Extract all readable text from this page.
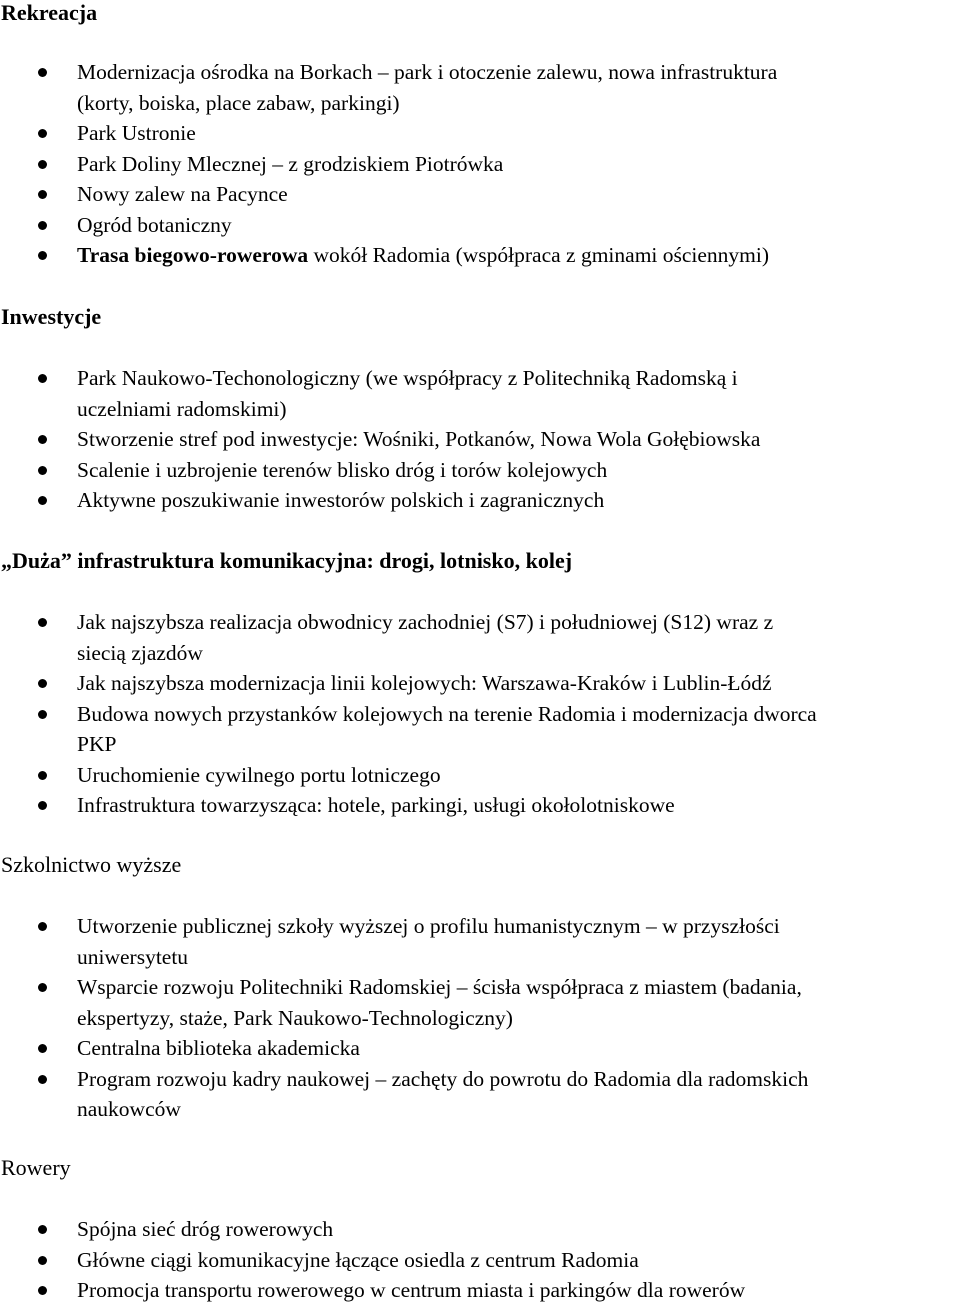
Rekreacja
Modernizacja ośrodka na Borkach – park i otoczenie zalewu, nowa infrastruktura
(korty, boiska, place zabaw, parkingi)
Park Ustronie
Park Doliny Mlecznej – z grodziskiem Piotrówka
Nowy zalew na Pacynce
Ogród botaniczny
Trasa biegowo-rowerowa wokół Radomia (współpraca z gminami ościennymi)
Inwestycje
Park Naukowo-Techonologiczny (we współpracy z Politechniką Radomską i
uczelniami radomskimi)
Stworzenie stref pod inwestycje: Wośniki, Potkanów, Nowa Wola Gołębiowska
Scalenie i uzbrojenie terenów blisko dróg i torów kolejowych
Aktywne poszukiwanie inwestorów polskich i zagranicznych
„Duża” infrastruktura komunikacyjna: drogi, lotnisko, kolej
Jak najszybsza realizacja obwodnicy zachodniej (S7) i południowej (S12) wraz z
siecią zjazdów
Jak najszybsza modernizacja linii kolejowych: Warszawa-Kraków i Lublin-Łódź
Budowa nowych przystanków kolejowych na terenie Radomia i modernizacja dworca
PKP
Uruchomienie cywilnego portu lotniczego
Infrastruktura towarzysząca: hotele, parkingi, usługi okołolotniskowe
Szkolnictwo wyższe
Utworzenie publicznej szkoły wyższej o profilu humanistycznym – w przyszłości
uniwersytetu
Wsparcie rozwoju Politechniki Radomskiej – ścisła współpraca z miastem (badania,
ekspertyzy, staże, Park Naukowo-Technologiczny)
Centralna biblioteka akademicka
Program rozwoju kadry naukowej – zachęty do powrotu do Radomia dla radomskich
naukowców
Rowery
Spójna sieć dróg rowerowych
Główne ciągi komunikacyjne łączące osiedla z centrum Radomia
Promocja transportu rowerowego w centrum miasta i parkingów dla rowerów
